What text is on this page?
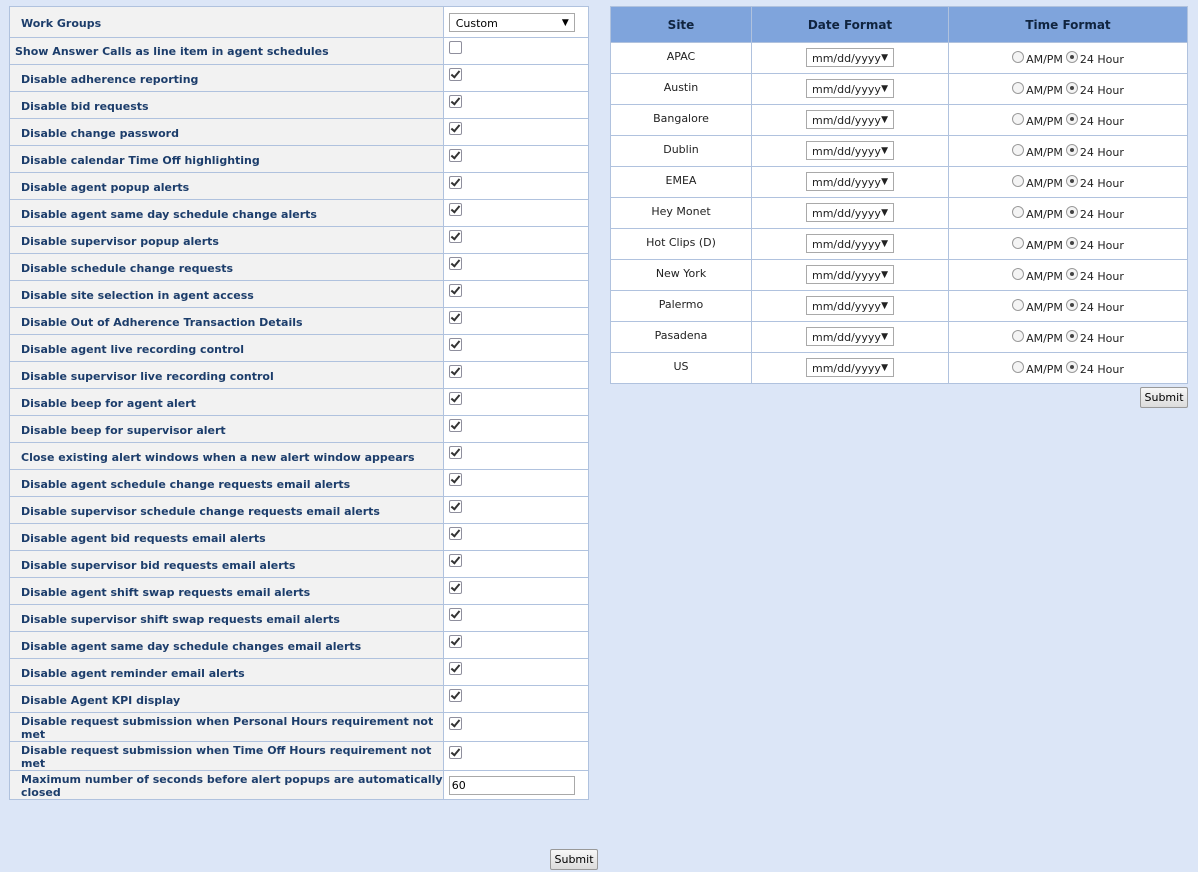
Work Groups	Custom ▼

Show Answer Calls as line item in agent schedules	
Disable adherence reporting	
Disable bid requests	
Disable change password	
Disable calendar Time Off highlighting	
Disable agent popup alerts	
Disable agent same day schedule change alerts	
Disable supervisor popup alerts	
Disable schedule change requests	
Disable site selection in agent access	
Disable Out of Adherence Transaction Details	
Disable agent live recording control	
Disable supervisor live recording control	
Disable beep for agent alert	
Disable beep for supervisor alert	
Close existing alert windows when a new alert window appears	
Disable agent schedule change requests email alerts	
Disable supervisor schedule change requests email alerts	
Disable agent bid requests email alerts	
Disable supervisor bid requests email alerts	
Disable agent shift swap requests email alerts	
Disable supervisor shift swap requests email alerts	
Disable agent same day schedule changes email alerts	
Disable agent reminder email alerts	
Disable Agent KPI display	
Disable request submission when Personal Hours requirement not met	
Disable request submission when Time Off Hours requirement not met	
Maximum number of seconds before alert popups are automatically closed	60
Submit
Site	Date Format	Time Format
APAC	mm/dd/yyyy ▼	AM/PM 24 Hour
Austin	mm/dd/yyyy ▼	AM/PM 24 Hour
Bangalore	mm/dd/yyyy ▼	AM/PM 24 Hour
Dublin	mm/dd/yyyy ▼	AM/PM 24 Hour
EMEA	mm/dd/yyyy ▼	AM/PM 24 Hour
Hey Monet	mm/dd/yyyy ▼	AM/PM 24 Hour
Hot Clips (D)	mm/dd/yyyy ▼	AM/PM 24 Hour
New York	mm/dd/yyyy ▼	AM/PM 24 Hour
Palermo	mm/dd/yyyy ▼	AM/PM 24 Hour
Pasadena	mm/dd/yyyy ▼	AM/PM 24 Hour
US	mm/dd/yyyy ▼	AM/PM 24 Hour
Submit
